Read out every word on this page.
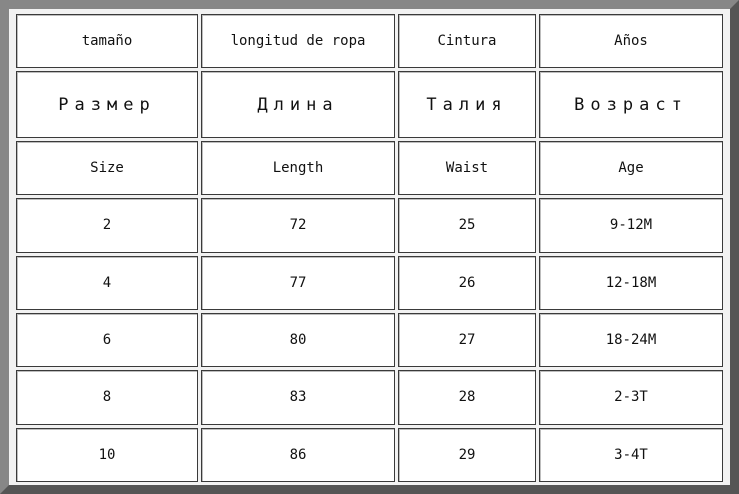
tamaño	longitud de ropa	Cintura	Años
Размер	Длина	Талия	Возраст
Size	Length	Waist	Age
2	72	25	9-12M
4	77	26	12-18M
6	80	27	18-24M
8	83	28	2-3T
10	86	29	3-4T
